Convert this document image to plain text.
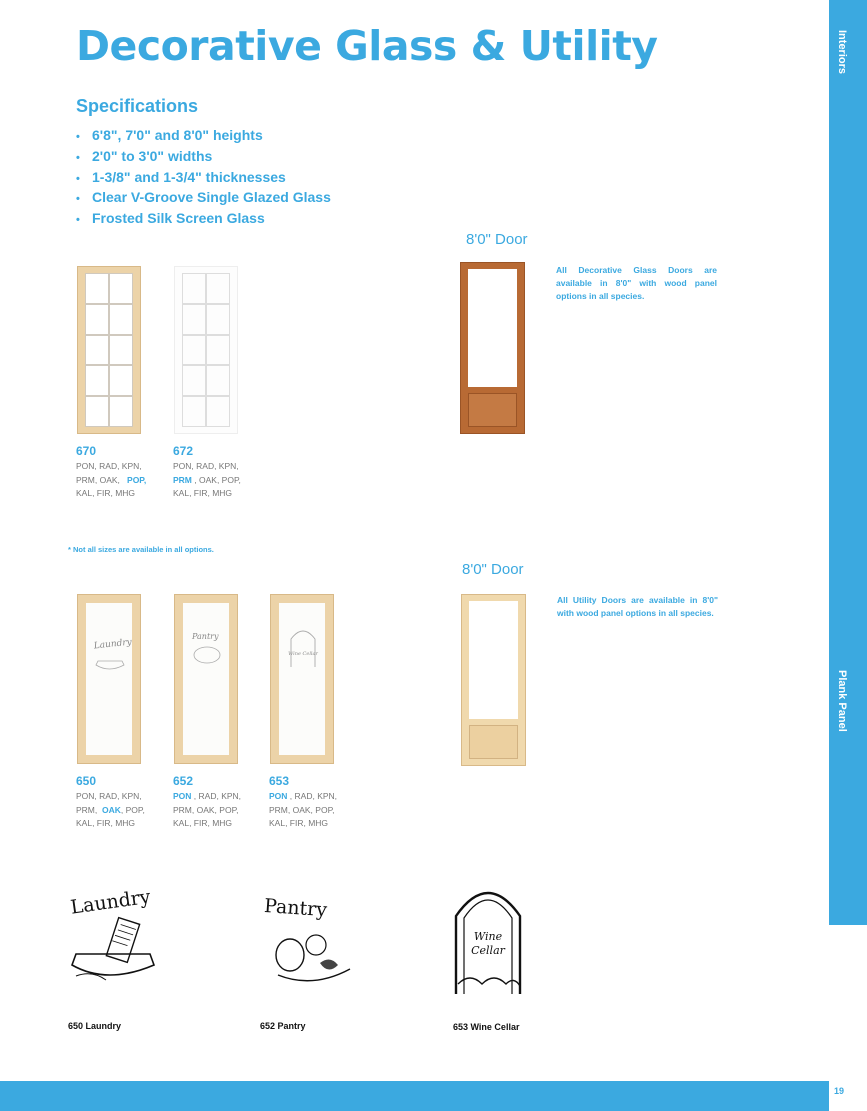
Decorative Glass & Utility
Specifications
• 6'8", 7'0" and 8'0" heights
• 2'0" to 3'0" widths
• 1-3/8" and 1-3/4" thicknesses
• Clear V-Groove Single Glazed Glass
• Frosted Silk Screen Glass
Interiors
Plank Panel
670
PON, RAD, KPN,
PRM, OAK, POP,
KAL, FIR, MHG
672
PON, RAD, KPN,
PRM , OAK, POP,
KAL, FIR, MHG
8'0" Door
All Decorative Glass Doors are available in 8'0" with wood panel options in all species.
* Not all sizes are available in all options.
8'0" Door
All Utility Doors are available in 8'0" with wood panel options in all species.
Laundry
650
PON, RAD, KPN,
PRM, OAK, POP,
KAL, FIR, MHG
Pantry
652
PON , RAD, KPN,
PRM, OAK, POP,
KAL, FIR, MHG
Wine Cellar
653
PON , RAD, KPN,
PRM, OAK, POP,
KAL, FIR, MHG
Laundry
650 Laundry
Pantry
652 Pantry
Wine
Cellar
653 Wine Cellar
19
